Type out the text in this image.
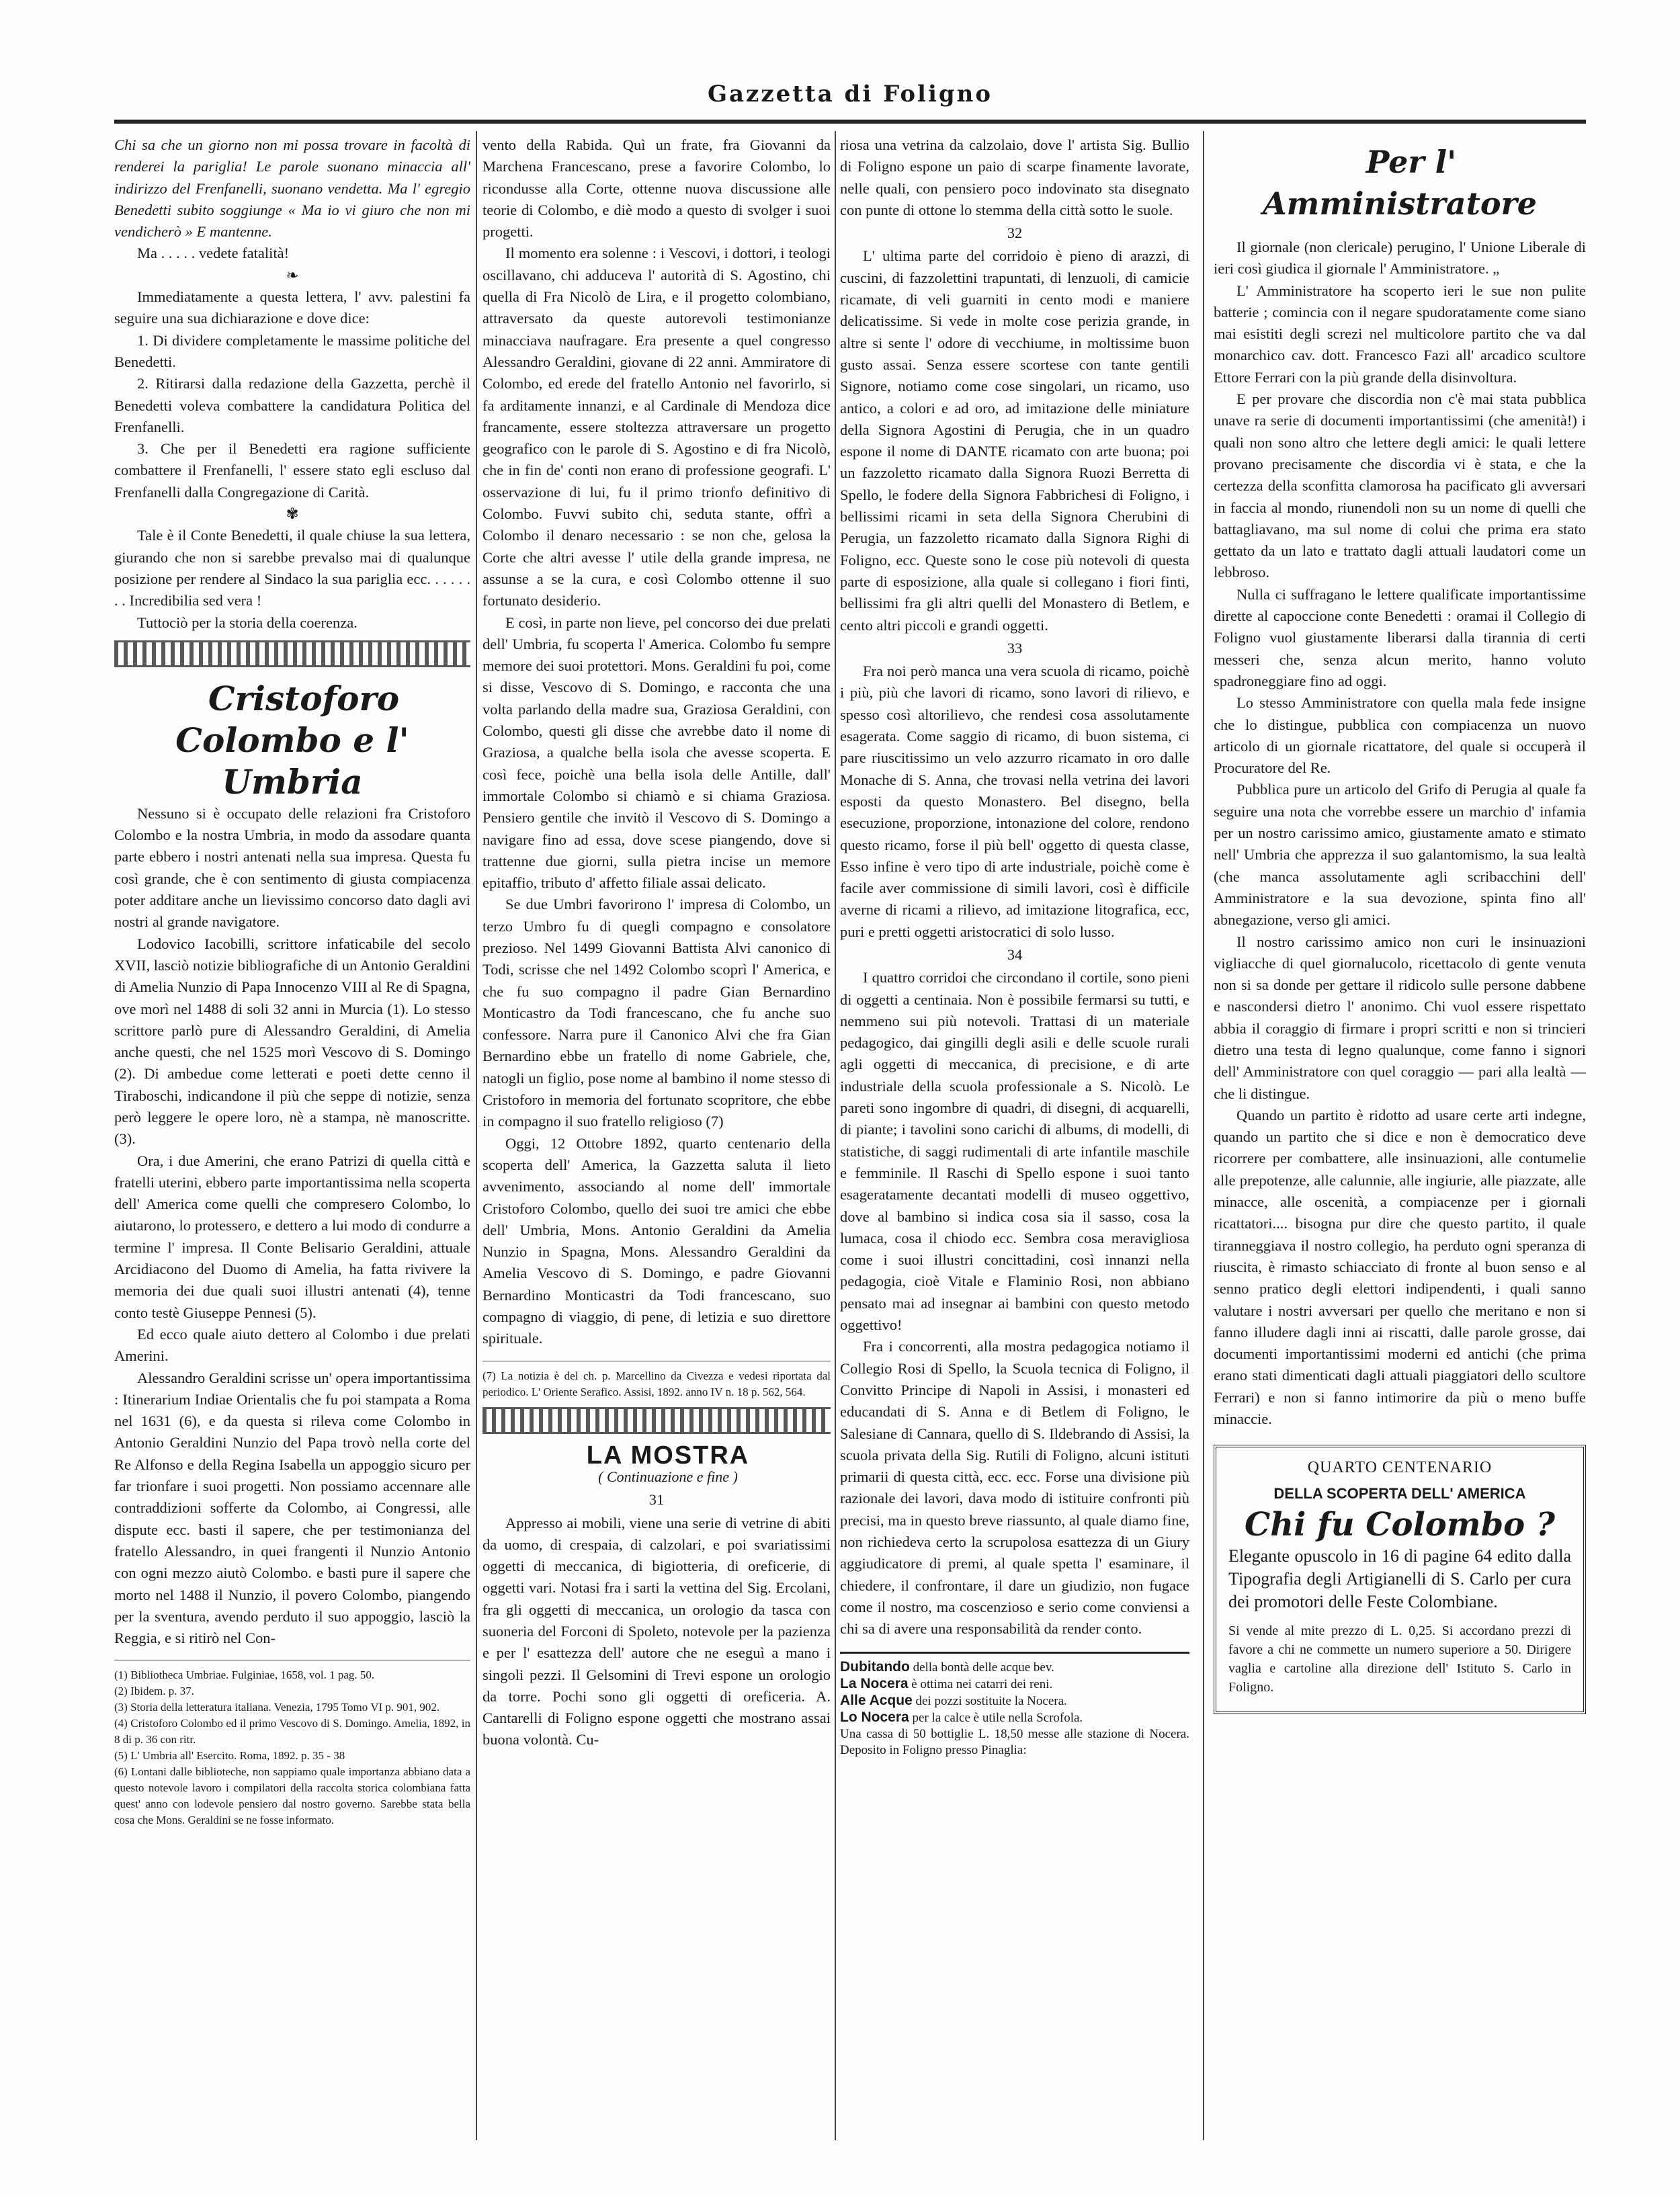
Gazzetta di Foligno

Chi sa che un giorno non mi possa trovare in facoltà di renderei la pariglia! Le parole suonano minaccia all' indirizzo del Frenfanelli, suonano vendetta. Ma l' egregio Benedetti subito soggiunge « Ma io vi giuro che non mi vendicherò » E mantenne.

Ma . . . . . vedete fatalità!

❧

Immediatamente a questa lettera, l' avv. palestini fa seguire una sua dichiarazione e dove dice:

1. Di dividere completamente le massime politiche del Benedetti.

2. Ritirarsi dalla redazione della Gazzetta, perchè il Benedetti voleva combattere la candidatura Politica del Frenfanelli.

3. Che per il Benedetti era ragione sufficiente combattere il Frenfanelli, l' essere stato egli escluso dal Frenfanelli dalla Congregazione di Carità.

✾

Tale è il Conte Benedetti, il quale chiuse la sua lettera, giurando che non si sarebbe prevalso mai di qualunque posizione per rendere al Sindaco la sua pariglia ecc. . . . . . . . Incredibilia sed vera !

Tuttociò per la storia della coerenza.

Cristoforo Colombo e l' Umbria

Nessuno si è occupato delle relazioni fra Cristoforo Colombo e la nostra Umbria, in modo da assodare quanta parte ebbero i nostri antenati nella sua impresa. Questa fu così grande, che è con sentimento di giusta compiacenza poter additare anche un lievissimo concorso dato dagli avi nostri al grande navigatore.

Lodovico Iacobilli, scrittore infaticabile del secolo XVII, lasciò notizie bibliografiche di un Antonio Geraldini di Amelia Nunzio di Papa Innocenzo VIII al Re di Spagna, ove morì nel 1488 di soli 32 anni in Murcia (1). Lo stesso scrittore parlò pure di Alessandro Geraldini, di Amelia anche questi, che nel 1525 morì Vescovo di S. Domingo (2). Di ambedue come letterati e poeti dette cenno il Tiraboschi, indicandone il più che seppe di notizie, senza però leggere le opere loro, nè a stampa, nè manoscritte. (3).

Ora, i due Amerini, che erano Patrizi di quella città e fratelli uterini, ebbero parte importantissima nella scoperta dell' America come quelli che compresero Colombo, lo aiutarono, lo protessero, e dettero a lui modo di condurre a termine l' impresa. Il Conte Belisario Geraldini, attuale Arcidiacono del Duomo di Amelia, ha fatta rivivere la memoria dei due quali suoi illustri antenati (4), tenne conto testè Giuseppe Pennesi (5).

Ed ecco quale aiuto dettero al Colombo i due prelati Amerini.

Alessandro Geraldini scrisse un' opera importantissima : Itinerarium Indiae Orientalis che fu poi stampata a Roma nel 1631 (6), e da questa si rileva come Colombo in Antonio Geraldini Nunzio del Papa trovò nella corte del Re Alfonso e della Regina Isabella un appoggio sicuro per far trionfare i suoi progetti. Non possiamo accennare alle contraddizioni sofferte da Colombo, ai Congressi, alle dispute ecc. basti il sapere, che per testimonianza del fratello Alessandro, in quei frangenti il Nunzio Antonio con ogni mezzo aiutò Colombo. e basti pure il sapere che morto nel 1488 il Nunzio, il povero Colombo, piangendo per la sventura, avendo perduto il suo appoggio, lasciò la Reggia, e si ritirò nel Con-

(1) Bibliotheca Umbriae. Fulginiae, 1658, vol. 1 pag. 50.

(2) Ibidem. p. 37.

(3) Storia della letteratura italiana. Venezia, 1795 Tomo VI p. 901, 902.

(4) Cristoforo Colombo ed il primo Vescovo di S. Domingo. Amelia, 1892, in 8 di p. 36 con ritr.

(5) L' Umbria all' Esercito. Roma, 1892. p. 35 - 38

(6) Lontani dalle biblioteche, non sappiamo quale importanza abbiano data a questo notevole lavoro i compilatori della raccolta storica colombiana fatta quest' anno con lodevole pensiero dal nostro governo. Sarebbe stata bella cosa che Mons. Geraldini se ne fosse informato.

vento della Rabida. Quì un frate, fra Giovanni da Marchena Francescano, prese a favorire Colombo, lo ricondusse alla Corte, ottenne nuova discussione alle teorie di Colombo, e diè modo a questo di svolger i suoi progetti.

Il momento era solenne : i Vescovi, i dottori, i teologi oscillavano, chi adduceva l' autorità di S. Agostino, chi quella di Fra Nicolò de Lira, e il progetto colombiano, attraversato da queste autorevoli testimonianze minacciava naufragare. Era presente a quel congresso Alessandro Geraldini, giovane di 22 anni. Ammiratore di Colombo, ed erede del fratello Antonio nel favorirlo, si fa arditamente innanzi, e al Cardinale di Mendoza dice francamente, essere stoltezza attraversare un progetto geografico con le parole di S. Agostino e di fra Nicolò, che in fin de' conti non erano di professione geografi. L' osservazione di lui, fu il primo trionfo definitivo di Colombo. Fuvvi subito chi, seduta stante, offrì a Colombo il denaro necessario : se non che, gelosa la Corte che altri avesse l' utile della grande impresa, ne assunse a se la cura, e così Colombo ottenne il suo fortunato desiderio.

E così, in parte non lieve, pel concorso dei due prelati dell' Umbria, fu scoperta l' America. Colombo fu sempre memore dei suoi protettori. Mons. Geraldini fu poi, come si disse, Vescovo di S. Domingo, e racconta che una volta parlando della madre sua, Graziosa Geraldini, con Colombo, questi gli disse che avrebbe dato il nome di Graziosa, a qualche bella isola che avesse scoperta. E così fece, poichè una bella isola delle Antille, dall' immortale Colombo si chiamò e si chiama Graziosa. Pensiero gentile che invitò il Vescovo di S. Domingo a navigare fino ad essa, dove scese piangendo, dove si trattenne due giorni, sulla pietra incise un memore epitaffio, tributo d' affetto filiale assai delicato.

Se due Umbri favorirono l' impresa di Colombo, un terzo Umbro fu di quegli compagno e consolatore prezioso. Nel 1499 Giovanni Battista Alvi canonico di Todi, scrisse che nel 1492 Colombo scoprì l' America, e che fu suo compagno il padre Gian Bernardino Monticastro da Todi francescano, che fu anche suo confessore. Narra pure il Canonico Alvi che fra Gian Bernardino ebbe un fratello di nome Gabriele, che, natogli un figlio, pose nome al bambino il nome stesso di Cristoforo in memoria del fortunato scopritore, che ebbe in compagno il suo fratello religioso (7)

Oggi, 12 Ottobre 1892, quarto centenario della scoperta dell' America, la Gazzetta saluta il lieto avvenimento, associando al nome dell' immortale Cristoforo Colombo, quello dei suoi tre amici che ebbe dell' Umbria, Mons. Antonio Geraldini da Amelia Nunzio in Spagna, Mons. Alessandro Geraldini da Amelia Vescovo di S. Domingo, e padre Giovanni Bernardino Monticastri da Todi francescano, suo compagno di viaggio, di pene, di letizia e suo direttore spirituale.

(7) La notizia è del ch. p. Marcellino da Civezza e vedesi riportata dal periodico. L' Oriente Serafico. Assisi, 1892. anno IV n. 18 p. 562, 564.

LA MOSTRA

( Continuazione e fine )

31

Appresso ai mobili, viene una serie di vetrine di abiti da uomo, di crespaia, di calzolari, e poi svariatissimi oggetti di meccanica, di bigiotteria, di oreficerie, di oggetti vari. Notasi fra i sarti la vettina del Sig. Ercolani, fra gli oggetti di meccanica, un orologio da tasca con suoneria del Forconi di Spoleto, notevole per la pazienza e per l' esattezza dell' autore che ne eseguì a mano i singoli pezzi. Il Gelsomini di Trevi espone un orologio da torre. Pochi sono gli oggetti di oreficeria. A. Cantarelli di Foligno espone oggetti che mostrano assai buona volontà. Cu-

riosa una vetrina da calzolaio, dove l' artista Sig. Bullio di Foligno espone un paio di scarpe finamente lavorate, nelle quali, con pensiero poco indovinato sta disegnato con punte di ottone lo stemma della città sotto le suole.

32

L' ultima parte del corridoio è pieno di arazzi, di cuscini, di fazzolettini trapuntati, di lenzuoli, di camicie ricamate, di veli guarniti in cento modi e maniere delicatissime. Si vede in molte cose perizia grande, in altre si sente l' odore di vecchiume, in moltissime buon gusto assai. Senza essere scortese con tante gentili Signore, notiamo come cose singolari, un ricamo, uso antico, a colori e ad oro, ad imitazione delle miniature della Signora Agostini di Perugia, che in un quadro espone il nome di DANTE ricamato con arte buona; poi un fazzoletto ricamato dalla Signora Ruozi Berretta di Spello, le fodere della Signora Fabbrichesi di Foligno, i bellissimi ricami in seta della Signora Cherubini di Perugia, un fazzoletto ricamato dalla Signora Righi di Foligno, ecc. Queste sono le cose più notevoli di questa parte di esposizione, alla quale si collegano i fiori finti, bellissimi fra gli altri quelli del Monastero di Betlem, e cento altri piccoli e grandi oggetti.

33

Fra noi però manca una vera scuola di ricamo, poichè i più, più che lavori di ricamo, sono lavori di rilievo, e spesso così altorilievo, che rendesi cosa assolutamente esagerata. Come saggio di ricamo, di buon sistema, ci pare riuscitissimo un velo azzurro ricamato in oro dalle Monache di S. Anna, che trovasi nella vetrina dei lavori esposti da questo Monastero. Bel disegno, bella esecuzione, proporzione, intonazione del colore, rendono questo ricamo, forse il più bell' oggetto di questa classe, Esso infine è vero tipo di arte industriale, poichè come è facile aver commissione di simili lavori, così è difficile averne di ricami a rilievo, ad imitazione litografica, ecc, puri e pretti oggetti aristocratici di solo lusso.

34

I quattro corridoi che circondano il cortile, sono pieni di oggetti a centinaia. Non è possibile fermarsi su tutti, e nemmeno sui più notevoli. Trattasi di un materiale pedagogico, dai gingilli degli asili e delle scuole rurali agli oggetti di meccanica, di precisione, e di arte industriale della scuola professionale a S. Nicolò. Le pareti sono ingombre di quadri, di disegni, di acquarelli, di piante; i tavolini sono carichi di albums, di modelli, di statistiche, di saggi rudimentali di arte infantile maschile e femminile. Il Raschi di Spello espone i suoi tanto esageratamente decantati modelli di museo oggettivo, dove al bambino si indica cosa sia il sasso, cosa la lumaca, cosa il chiodo ecc. Sembra cosa meravigliosa come i suoi illustri concittadini, così innanzi nella pedagogia, cioè Vitale e Flaminio Rosi, non abbiano pensato mai ad insegnar ai bambini con questo metodo oggettivo!

Fra i concorrenti, alla mostra pedagogica notiamo il Collegio Rosi di Spello, la Scuola tecnica di Foligno, il Convitto Principe di Napoli in Assisi, i monasteri ed educandati di S. Anna e di Betlem di Foligno, le Salesiane di Cannara, quello di S. Ildebrando di Assisi, la scuola privata della Sig. Rutili di Foligno, alcuni istituti primarii di questa città, ecc. ecc. Forse una divisione più razionale dei lavori, dava modo di istituire confronti più precisi, ma in questo breve riassunto, al quale diamo fine, non richiedeva certo la scrupolosa esattezza di un Giury aggiudicatore di premi, al quale spetta l' esaminare, il chiedere, il confrontare, il dare un giudizio, non fugace come il nostro, ma coscenzioso e serio come conviensi a chi sa di avere una responsabilità da render conto.

Dubitando della bontà delle acque bev.

La Nocera è ottima nei catarri dei reni.

Alle Acque dei pozzi sostituite la Nocera.

Lo Nocera per la calce è utile nella Scrofola.

Una cassa di 50 bottiglie L. 18,50 messe alle stazione di Nocera. Deposito in Foligno presso Pinaglia:

Per l' Amministratore

Il giornale (non clericale) perugino, l' Unione Liberale di ieri così giudica il giornale l' Amministratore. „

L' Amministratore ha scoperto ieri le sue non pulite batterie ; comincia con il negare spudoratamente come siano mai esistiti degli screzi nel multicolore partito che va dal monarchico cav. dott. Francesco Fazi all' arcadico scultore Ettore Ferrari con la più grande della disinvoltura.

E per provare che discordia non c'è mai stata pubblica unave ra serie di documenti importantissimi (che amenità!) i quali non sono altro che lettere degli amici: le quali lettere provano precisamente che discordia vi è stata, e che la certezza della sconfitta clamorosa ha pacificato gli avversari in faccia al mondo, riunendoli non su un nome di quelli che battagliavano, ma sul nome di colui che prima era stato gettato da un lato e trattato dagli attuali laudatori come un lebbroso.

Nulla ci suffragano le lettere qualificate importantissime dirette al capoccione conte Benedetti : oramai il Collegio di Foligno vuol giustamente liberarsi dalla tirannia di certi messeri che, senza alcun merito, hanno voluto spadroneggiare fino ad oggi.

Lo stesso Amministratore con quella mala fede insigne che lo distingue, pubblica con compiacenza un nuovo articolo di un giornale ricattatore, del quale si occuperà il Procuratore del Re.

Pubblica pure un articolo del Grifo di Perugia al quale fa seguire una nota che vorrebbe essere un marchio d' infamia per un nostro carissimo amico, giustamente amato e stimato nell' Umbria che apprezza il suo galantomismo, la sua lealtà (che manca assolutamente agli scribacchini dell' Amministratore e la sua devozione, spinta fino all' abnegazione, verso gli amici.

Il nostro carissimo amico non curi le insinuazioni vigliacche di quel giornalucolo, ricettacolo di gente venuta non si sa donde per gettare il ridicolo sulle persone dabbene e nascondersi dietro l' anonimo. Chi vuol essere rispettato abbia il coraggio di firmare i propri scritti e non si trincieri dietro una testa di legno qualunque, come fanno i signori dell' Amministratore con quel coraggio — pari alla lealtà — che li distingue.

Quando un partito è ridotto ad usare certe arti indegne, quando un partito che si dice e non è democratico deve ricorrere per combattere, alle insinuazioni, alle contumelie alle prepotenze, alle calunnie, alle ingiurie, alle piazzate, alle minacce, alle oscenità, a compiacenze per i giornali ricattatori.... bisogna pur dire che questo partito, il quale tiranneggiava il nostro collegio, ha perduto ogni speranza di riuscita, è rimasto schiacciato di fronte al buon senso e al senno pratico degli elettori indipendenti, i quali sanno valutare i nostri avversari per quello che meritano e non si fanno illudere dagli inni ai riscatti, dalle parole grosse, dai documenti importantissimi moderni ed antichi (che prima erano stati dimenticati dagli attuali piaggiatori dello scultore Ferrari) e non si fanno intimorire da più o meno buffe minaccie.

QUARTO CENTENARIO
DELLA SCOPERTA DELL' AMERICA
Chi fu Colombo ?
Elegante opuscolo in 16 di pagine 64 edito dalla Tipografia degli Artigianelli di S. Carlo per cura dei promotori delle Feste Colombiane.
Si vende al mite prezzo di L. 0,25. Si accordano prezzi di favore a chi ne commette un numero superiore a 50. Dirigere vaglia e cartoline alla direzione dell' Istituto S. Carlo in Foligno.
